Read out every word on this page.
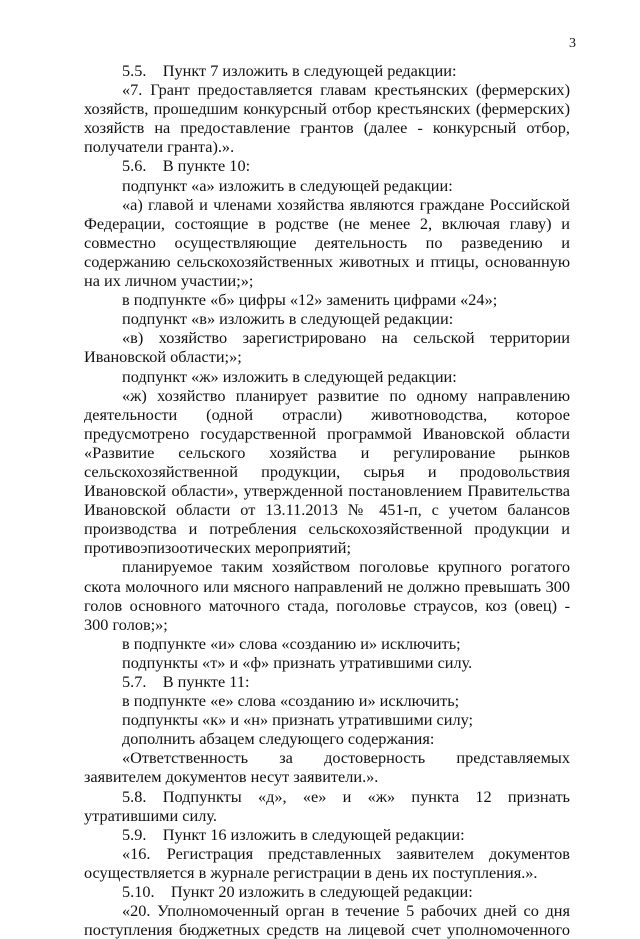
3

5.5. Пункт 7 изложить в следующей редакции:

«7. Грант предоставляется главам крестьянских (фермерских) хозяйств, прошедшим конкурсный отбор крестьянских (фермерских) хозяйств на предоставление грантов (далее - конкурсный отбор, получатели гранта).».

5.6. В пункте 10:

подпункт «а» изложить в следующей редакции:

«а) главой и членами хозяйства являются граждане Российской Федерации, состоящие в родстве (не менее 2, включая главу) и совместно осуществляющие деятельность по разведению и содержанию сельскохозяйственных животных и птицы, основанную на их личном участии;»;

в подпункте «б» цифры «12» заменить цифрами «24»;

подпункт «в» изложить в следующей редакции:

«в) хозяйство зарегистрировано на сельской территории Ивановской области;»;

подпункт «ж» изложить в следующей редакции:

«ж) хозяйство планирует развитие по одному направлению деятельности (одной отрасли) животноводства, которое предусмотрено государственной программой Ивановской области «Развитие сельского хозяйства и регулирование рынков сельскохозяйственной продукции, сырья и продовольствия Ивановской области», утвержденной постановлением Правительства Ивановской области от 13.11.2013 № 451-п, с учетом балансов производства и потребления сельскохозяйственной продукции и противоэпизоотических мероприятий;

планируемое таким хозяйством поголовье крупного рогатого скота молочного или мясного направлений не должно превышать 300 голов основного маточного стада, поголовье страусов, коз (овец) - 300 голов;»;

в подпункте «и» слова «созданию и» исключить;

подпункты «т» и «ф» признать утратившими силу.

5.7. В пункте 11:

в подпункте «е» слова «созданию и» исключить;

подпункты «к» и «н» признать утратившими силу;

дополнить абзацем следующего содержания:

«Ответственность за достоверность представляемых заявителем документов несут заявители.».

5.8. Подпункты «д», «е» и «ж» пункта 12 признать утратившими силу.

5.9. Пункт 16 изложить в следующей редакции:

«16. Регистрация представленных заявителем документов осуществляется в журнале регистрации в день их поступления.».

5.10. Пункт 20 изложить в следующей редакции:

«20. Уполномоченный орган в течение 5 рабочих дней со дня поступления бюджетных средств на лицевой счет уполномоченного
